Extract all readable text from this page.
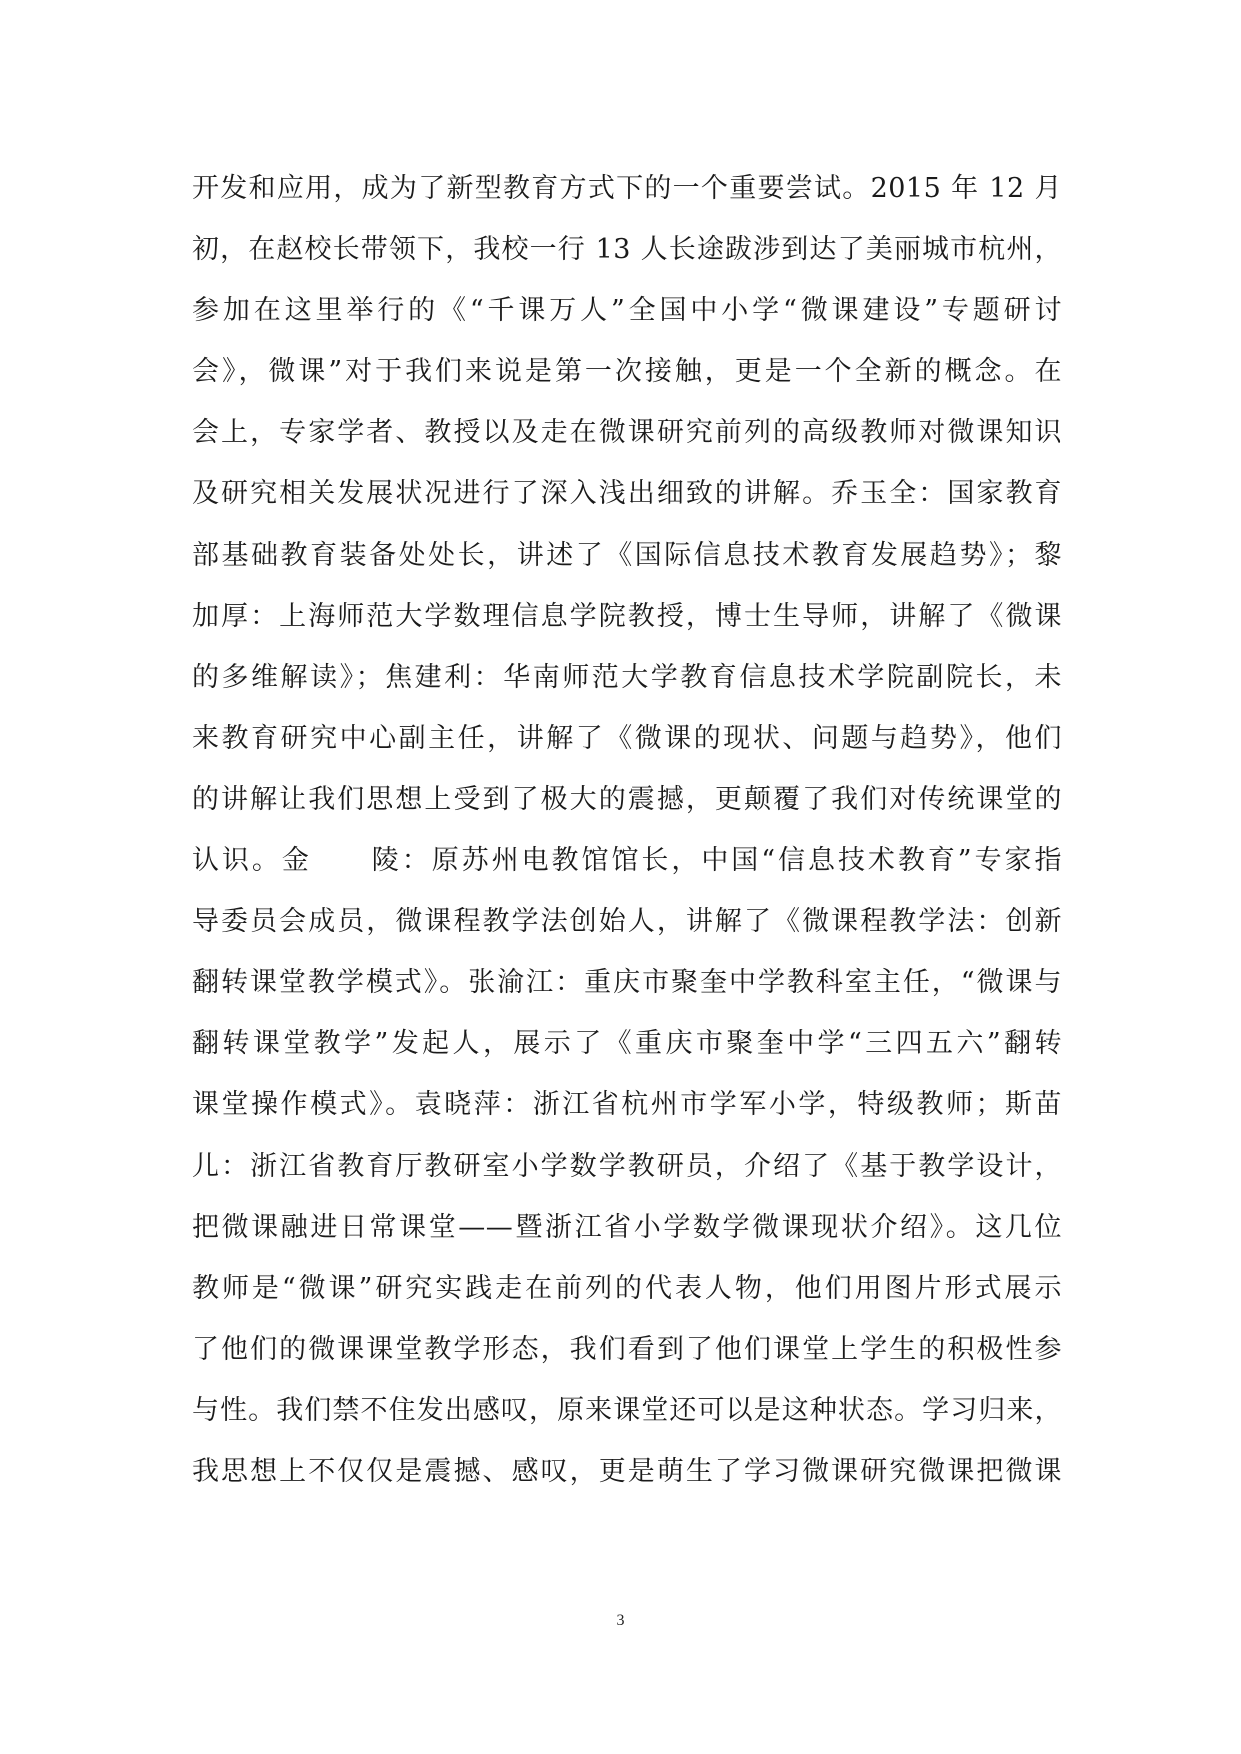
开发和应用，成为了新型教育方式下的一个重要尝试。2015 年 12 月
初，在赵校长带领下，我校一行 13 人长途跋涉到达了美丽城市杭州，
参加在这里举行的《“千课万人”全国中小学“微课建设”专题研讨
会》，微课”对于我们来说是第一次接触，更是一个全新的概念。在
会上，专家学者、教授以及走在微课研究前列的高级教师对微课知识
及研究相关发展状况进行了深入浅出细致的讲解。乔玉全：国家教育
部基础教育装备处处长，讲述了《国际信息技术教育发展趋势》；黎
加厚：上海师范大学数理信息学院教授，博士生导师，讲解了《微课
的多维解读》；焦建利：华南师范大学教育信息技术学院副院长，未
来教育研究中心副主任，讲解了《微课的现状、问题与趋势》，他们
的讲解让我们思想上受到了极大的震撼，更颠覆了我们对传统课堂的
认识。金　　陵：原苏州电教馆馆长，中国“信息技术教育”专家指
导委员会成员，微课程教学法创始人，讲解了《微课程教学法：创新
翻转课堂教学模式》。张渝江：重庆市聚奎中学教科室主任，“微课与
翻转课堂教学”发起人，展示了《重庆市聚奎中学“三四五六”翻转
课堂操作模式》。袁晓萍：浙江省杭州市学军小学，特级教师；斯苗
儿：浙江省教育厅教研室小学数学教研员，介绍了《基于教学设计，
把微课融进日常课堂——暨浙江省小学数学微课现状介绍》。这几位
教师是“微课”研究实践走在前列的代表人物，他们用图片形式展示
了他们的微课课堂教学形态，我们看到了他们课堂上学生的积极性参
与性。我们禁不住发出感叹，原来课堂还可以是这种状态。学习归来，
我思想上不仅仅是震撼、感叹，更是萌生了学习微课研究微课把微课
3
